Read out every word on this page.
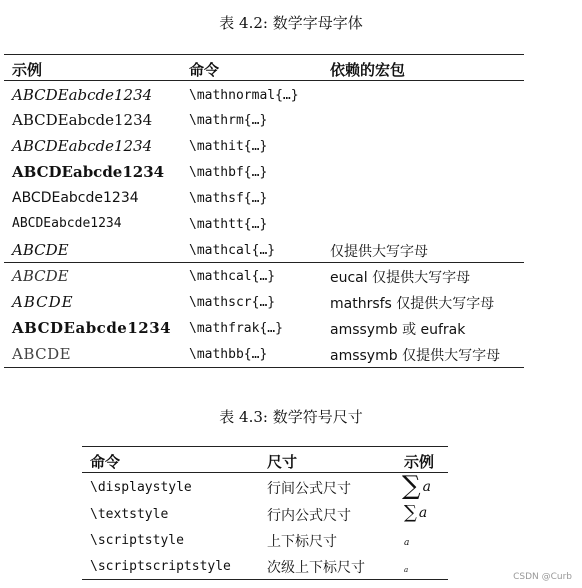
表 4.2: 数学字母字体
示例	命令	依赖的宏包
ABCDEabcde1234	\mathnormal{…}
ABCDEabcde1234	\mathrm{…}
ABCDEabcde1234	\mathit{…}
ABCDEabcde1234 \mathbf{…}
ABCDEabcde1234	\mathsf{…}
ABCDEabcde1234	\mathtt{…}
ABCDE	\mathcal{…}	仅提供大写字母
ABCDE	\mathcal{…}	eucal 仅提供大写字母
ABCDE	\mathscr{…}	mathrsfs 仅提供大写字母
ABCDEabcde1234 \mathfrak{…}	amssymb 或 eufrak
ABCDE	\mathbb{…}	amssymb 仅提供大写字母
表 4.3: 数学符号尺寸
命令	尺寸	示例
\displaystyle	行间公式尺寸 ∑ a
\textstyle	行内公式尺寸	∑ a
\scriptstyle	上下标尺寸	a
\scriptscriptstyle	次级上下标尺寸	a
CSDN @Curb
